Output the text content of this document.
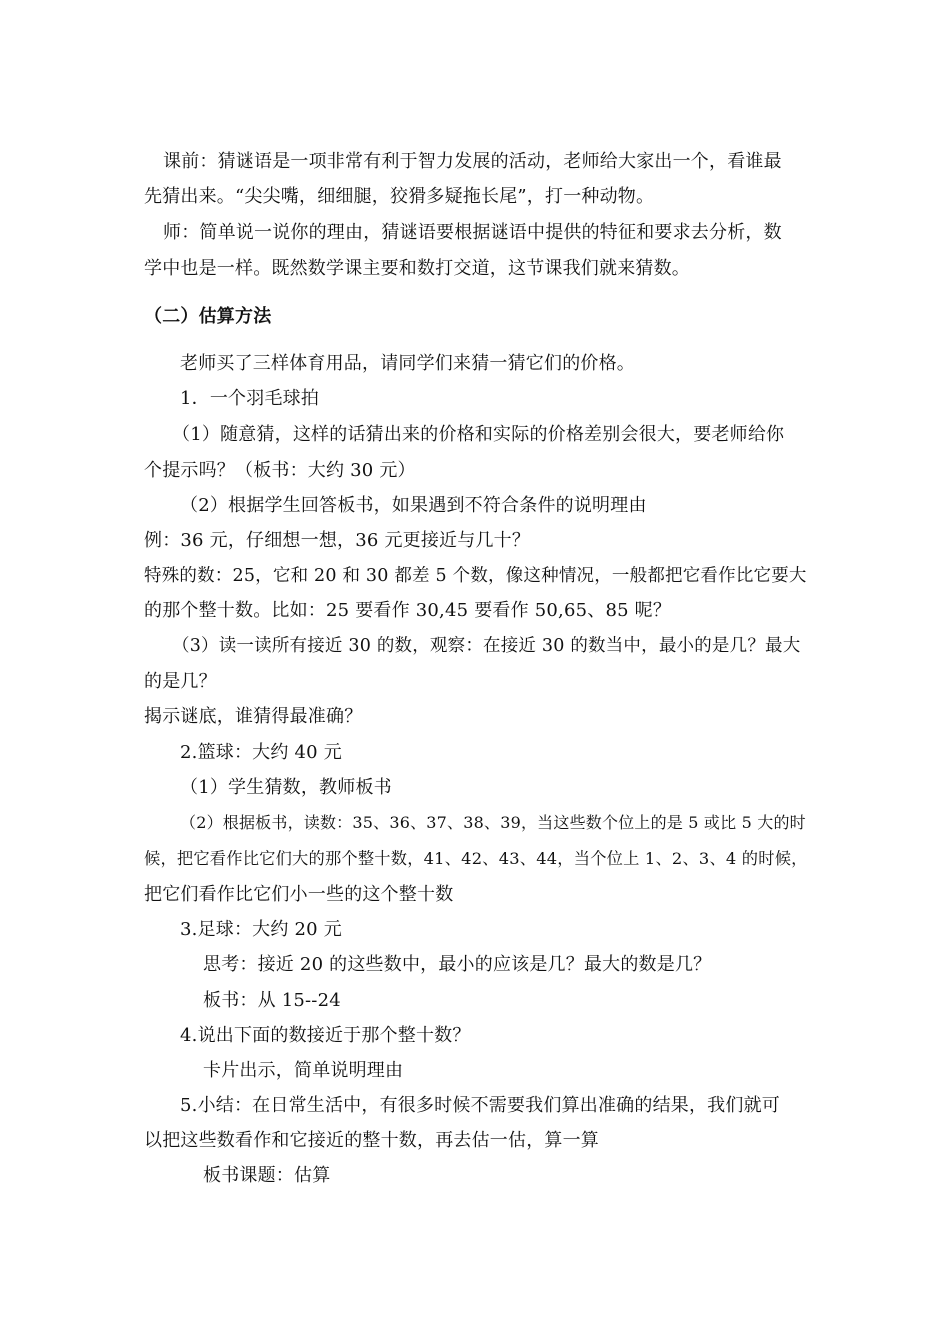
课前：猜谜语是一项非常有利于智力发展的活动，老师给大家出一个，看谁最
先猜出来。“尖尖嘴，细细腿，狡猾多疑拖长尾”，打一种动物。
师：简单说一说你的理由，猜谜语要根据谜语中提供的特征和要求去分析，数
学中也是一样。既然数学课主要和数打交道，这节课我们就来猜数。
（二）估算方法
老师买了三样体育用品，请同学们来猜一猜它们的价格。
1．一个羽毛球拍
（1）随意猜，这样的话猜出来的价格和实际的价格差别会很大，要老师给你
个提示吗？（板书：大约 30 元）
（2）根据学生回答板书，如果遇到不符合条件的说明理由
例：36 元，仔细想一想，36 元更接近与几十？
特殊的数：25，它和 20 和 30 都差 5 个数，像这种情况，一般都把它看作比它要大
的那个整十数。比如：25 要看作 30,45 要看作 50,65、85 呢？
（3）读一读所有接近 30 的数，观察：在接近 30 的数当中，最小的是几？最大
的是几？
揭示谜底，谁猜得最准确？
2.篮球：大约 40 元
（1）学生猜数，教师板书
（2）根据板书，读数：35、36、37、38、39，当这些数个位上的是 5 或比 5 大的时
候，把它看作比它们大的那个整十数，41、42、43、44，当个位上 1、2、3、4 的时候，
把它们看作比它们小一些的这个整十数
3.足球：大约 20 元
思考：接近 20 的这些数中，最小的应该是几？最大的数是几？
板书：从 15--24
4.说出下面的数接近于那个整十数？
卡片出示，简单说明理由
5.小结：在日常生活中，有很多时候不需要我们算出准确的结果，我们就可
以把这些数看作和它接近的整十数，再去估一估，算一算
板书课题：估算
